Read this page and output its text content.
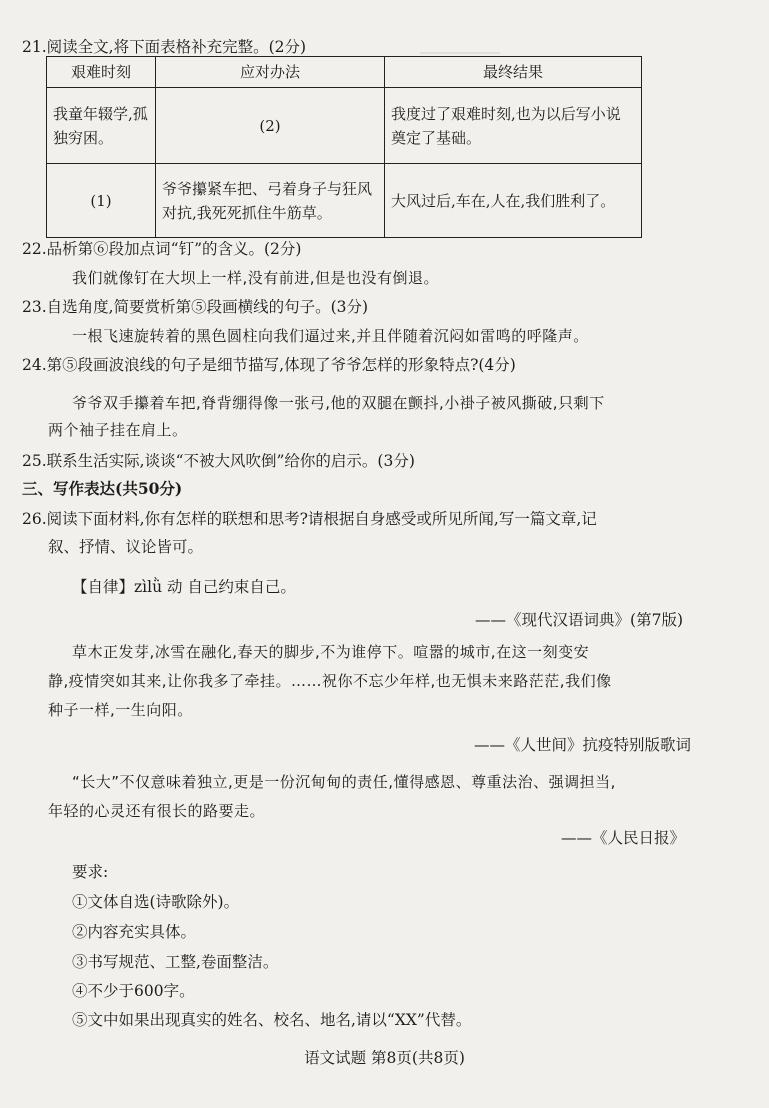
▁▁▁▁▁▁▁▁
21.阅读全文,将下面表格补充完整。(2分)
艰难时刻	应对办法	最终结果
我童年辍学,孤独穷困。	(2)	我度过了艰难时刻,也为以后写小说奠定了基础。
(1)	爷爷攥紧车把、弓着身子与狂风对抗,我死死抓住牛筋草。	大风过后,车在,人在,我们胜利了。
22.品析第⑥段加点词“钉”的含义。(2分)
我们就像钉在大坝上一样,没有前进,但是也没有倒退。
23.自选角度,简要赏析第⑤段画横线的句子。(3分)
一根飞速旋转着的黑色圆柱向我们逼过来,并且伴随着沉闷如雷鸣的呼隆声。
24.第⑤段画波浪线的句子是细节描写,体现了爷爷怎样的形象特点?(4分)
爷爷双手攥着车把,脊背绷得像一张弓,他的双腿在颤抖,小褂子被风撕破,只剩下
两个袖子挂在肩上。
25.联系生活实际,谈谈“不被大风吹倒”给你的启示。(3分)
三、写作表达(共50分)
26.阅读下面材料,你有怎样的联想和思考?请根据自身感受或所见所闻,写一篇文章,记
叙、抒情、议论皆可。
【自律】zìlǜ 动 自己约束自己。
——《现代汉语词典》(第7版)
草木正发芽,冰雪在融化,春天的脚步,不为谁停下。喧嚣的城市,在这一刻变安
静,疫情突如其来,让你我多了牵挂。……祝你不忘少年样,也无惧未来路茫茫,我们像
种子一样,一生向阳。
——《人世间》抗疫特别版歌词
“长大”不仅意味着独立,更是一份沉甸甸的责任,懂得感恩、尊重法治、强调担当,
年轻的心灵还有很长的路要走。
——《人民日报》
要求:
①文体自选(诗歌除外)。
②内容充实具体。
③书写规范、工整,卷面整洁。
④不少于600字。
⑤文中如果出现真实的姓名、校名、地名,请以“XX”代替。
语文试题 第8页(共8页)
